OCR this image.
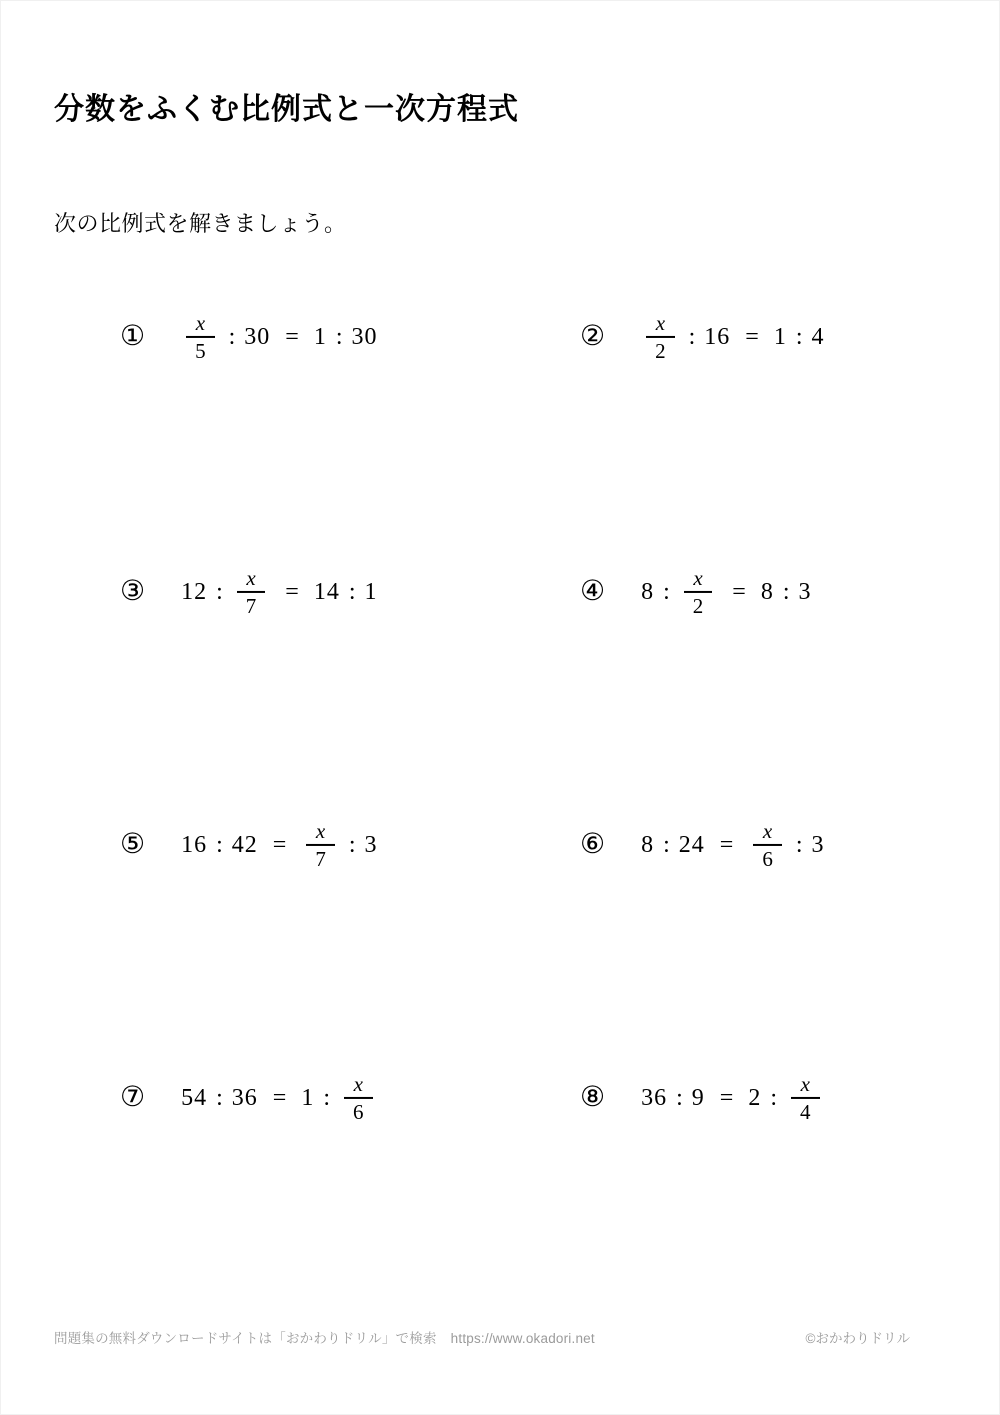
分数をふくむ比例式と一次方程式

次の比例式を解きましょう。

① $\frac{x}{5}$ : 30 = 1 : 30	② $\frac{x}{2}$ : 16 = 1 : 4
③ 12 : $\frac{x}{7} = 14$ : 1	④ 8 : $\frac{x}{2} = 8$ : 3
⑤ 16 : $42 = \frac{x}{7}$ : 3	⑥ 8 : $24 = \frac{x}{6}$ : 3
⑦ 54 : 36 = 1 : $\frac{x}{6}$	⑧ 36 : 9 = 2 : $\frac{x}{4}$
問題集の無料ダウンロードサイトは「おかわりドリル」で検索 https://www.okadori.net	©おかわりドリル
